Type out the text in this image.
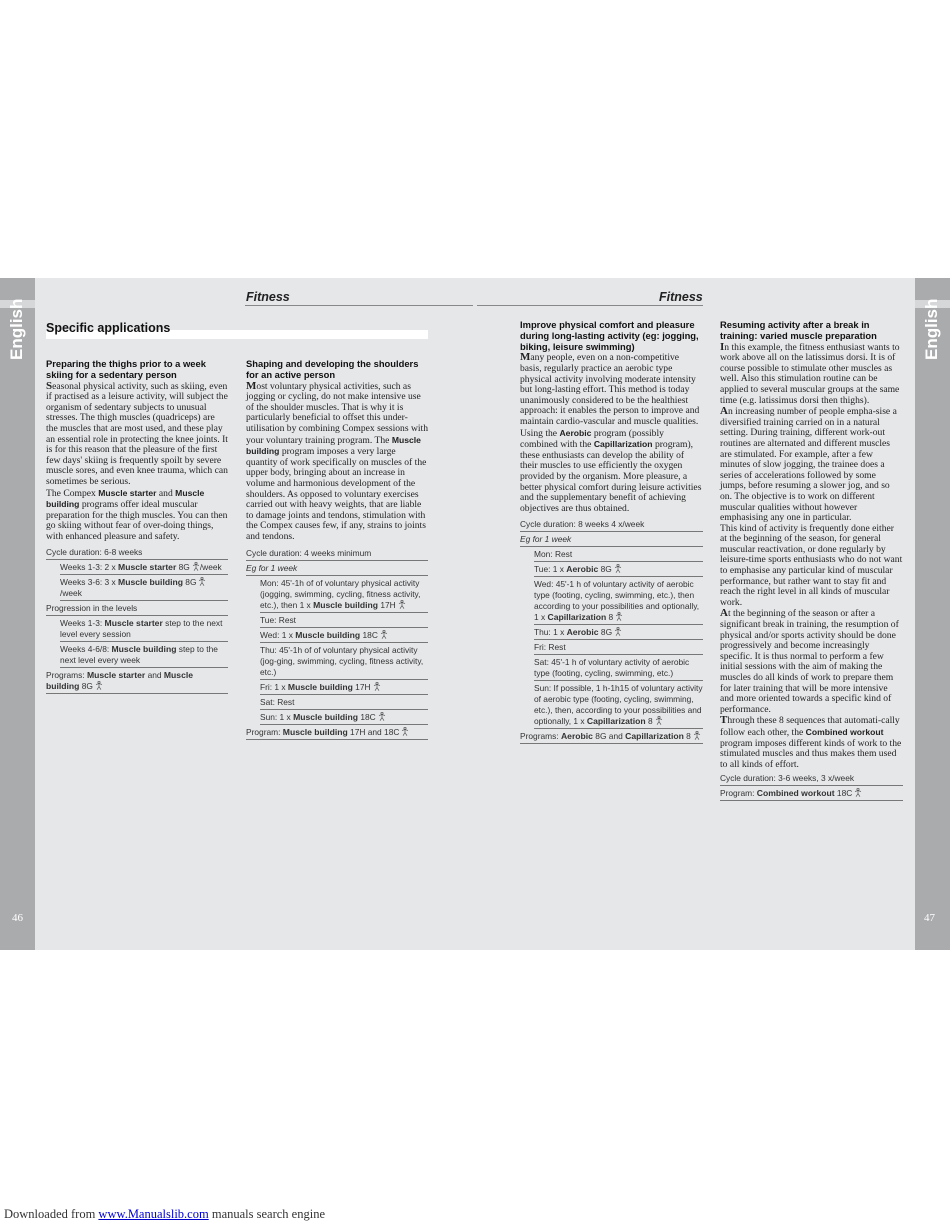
English
46
English
47
Fitness	Fitness
Specific applications
Preparing the thighs prior to a week skiing for a sedentary person

Seasonal physical activity, such as skiing, even if practised as a leisure activity, will subject the organism of sedentary subjects to unusual stresses. The thigh muscles (quadriceps) are the muscles that are most used, and these play an essential role in protecting the knee joints. It is for this reason that the pleasure of the first few days' skiing is frequently spoilt by severe muscle sores, and even knee trauma, which can sometimes be serious.

The Compex Muscle starter and Muscle building programs offer ideal muscular preparation for the thigh muscles. You can then go skiing without fear of over-doing things, with enhanced pleasure and safety.

Cycle duration: 6-8 weeks
Weeks 1-3: 2 x Muscle starter 8G /week
Weeks 3-6: 3 x Muscle building 8G/week
Progression in the levels
Weeks 1-3: Muscle starter step to the next level every session
Weeks 4-6/8: Muscle building step to the next level every week
Programs: Muscle starter and Muscle building 8G
Shaping and developing the shoulders for an active person

Most voluntary physical activities, such as jogging or cycling, do not make intensive use of the shoulder muscles. That is why it is particularly beneficial to offset this under-utilisation by combining Compex sessions with your voluntary training program. The Muscle building program imposes a very large quantity of work specifically on muscles of the upper body, bringing about an increase in volume and harmonious development of the shoulders. As opposed to voluntary exercises carried out with heavy weights, that are liable to damage joints and tendons, stimulation with the Compex causes few, if any, strains to joints and tendons.

Cycle duration: 4 weeks minimum
Eg for 1 week
Mon: 45'-1h of of voluntary physical activity (jogging, swimming, cycling, fitness activity, etc.), then 1 x Muscle building 17H
Tue: Rest
Wed: 1 x Muscle building 18C
Thu: 45'-1h of of voluntary physical activity (jog-ging, swimming, cycling, fitness activity, etc.)
Fri: 1 x Muscle building 17H
Sat: Rest
Sun: 1 x Muscle building 18C
Program: Muscle building 17H and 18C
Improve physical comfort and pleasure during long-lasting activity (eg: jogging, biking, leisure swimming)

Many people, even on a non-competitive basis, regularly practice an aerobic type physical activity involving moderate intensity but long-lasting effort. This method is today unanimously considered to be the healthiest approach: it enables the person to improve and maintain cardio-vascular and muscle qualities. Using the Aerobic program (possibly combined with the Capillarization program), these enthusiasts can develop the ability of their muscles to use efficiently the oxygen provided by the organism. More pleasure, a better physical comfort during leisure activities and the supplementary benefit of achieving objectives are thus obtained.

Cycle duration: 8 weeks 4 x/week
Eg for 1 week
Mon: Rest
Tue: 1 x Aerobic 8G
Wed: 45'-1 h of voluntary activity of aerobic type (footing, cycling, swimming, etc.), then according to your possibilities and optionally, 1 x Capillarization 8
Thu: 1 x Aerobic 8G
Fri: Rest
Sat: 45'-1 h of voluntary activity of aerobic type (footing, cycling, swimming, etc.)
Sun: If possible, 1 h-1h15 of voluntary activity of aerobic type (footing, cycling, swimming, etc.), then, according to your possibilities and optionally, 1 x Capillarization 8
Programs: Aerobic 8G and Capillarization 8
Resuming activity after a break in training: varied muscle preparation

In this example, the fitness enthusiast wants to work above all on the latissimus dorsi. It is of course possible to stimulate other muscles as well. Also this stimulation routine can be applied to several muscular groups at the same time (e.g. latissimus dorsi then thighs).

An increasing number of people empha-sise a diversified training carried on in a natural setting. During training, different work-out routines are alternated and different muscles are stimulated. For example, after a few minutes of slow jogging, the trainee does a series of accelerations followed by some jumps, before resuming a slower jog, and so on. The objective is to work on different muscular qualities without however emphasising any one in particular.

This kind of activity is frequently done either at the beginning of the season, for general muscular reactivation, or done regularly by leisure-time sports enthusiasts who do not want to emphasise any particular kind of muscular performance, but rather want to stay fit and reach the right level in all kinds of muscular work.

At the beginning of the season or after a significant break in training, the resumption of physical and/or sports activity should be done progressively and become increasingly specific. It is thus normal to perform a few initial sessions with the aim of making the muscles do all kinds of work to prepare them for later training that will be more intensive and more oriented towards a specific kind of performance.

Through these 8 sequences that automati-cally follow each other, the Combined workout program imposes different kinds of work to the stimulated muscles and thus makes them used to all kinds of effort.

Cycle duration: 3-6 weeks, 3 x/week
Program: Combined workout 18C
Downloaded from www.Manualslib.com manuals search engine
